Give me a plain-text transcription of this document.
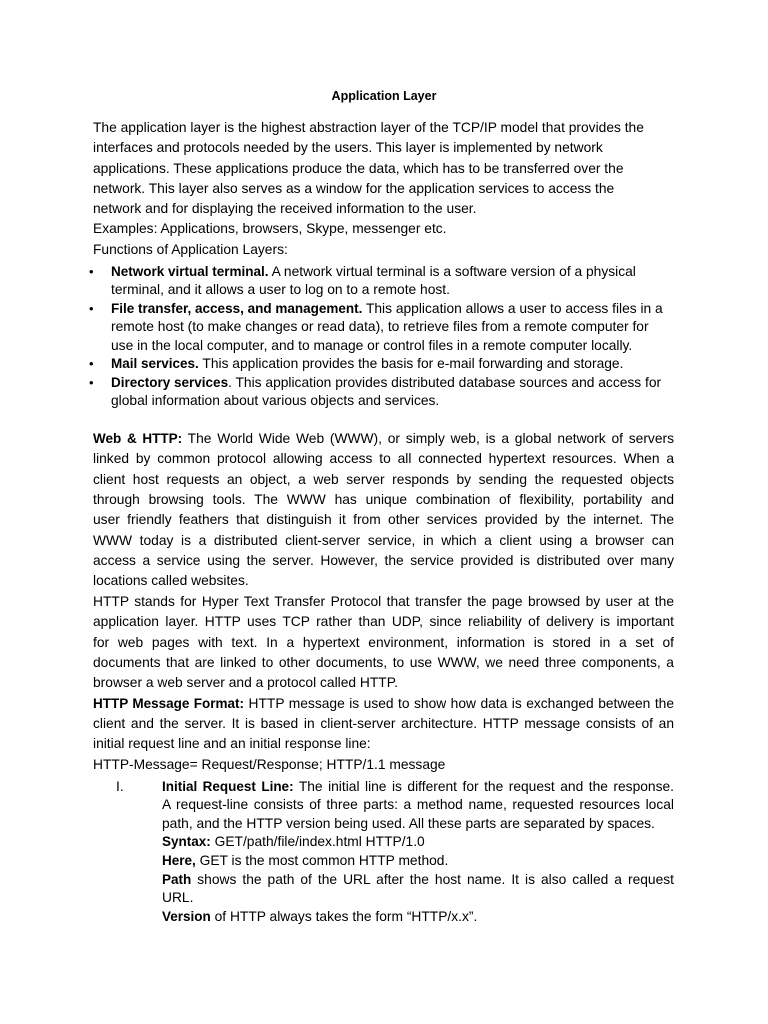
Application Layer
The application layer is the highest abstraction layer of the TCP/IP model that provides the
interfaces and protocols needed by the users. This layer is implemented by network
applications. These applications produce the data, which has to be transferred over the
network. This layer also serves as a window for the application services to access the
network and for displaying the received information to the user.
Examples: Applications, browsers, Skype, messenger etc.
Functions of Application Layers:
• Network virtual terminal. A network virtual terminal is a software version of a physical
terminal, and it allows a user to log on to a remote host.
• File transfer, access, and management. This application allows a user to access files in a
remote host (to make changes or read data), to retrieve files from a remote computer for
use in the local computer, and to manage or control files in a remote computer locally.
• Mail services. This application provides the basis for e-mail forwarding and storage.
• Directory services. This application provides distributed database sources and access for
global information about various objects and services.
Web & HTTP: The World Wide Web (WWW), or simply web, is a global network of servers
linked by common protocol allowing access to all connected hypertext resources. When a
client host requests an object, a web server responds by sending the requested objects
through browsing tools. The WWW has unique combination of flexibility, portability and
user friendly feathers that distinguish it from other services provided by the internet. The
WWW today is a distributed client-server service, in which a client using a browser can
access a service using the server. However, the service provided is distributed over many
locations called websites.
HTTP stands for Hyper Text Transfer Protocol that transfer the page browsed by user at the
application layer. HTTP uses TCP rather than UDP, since reliability of delivery is important
for web pages with text. In a hypertext environment, information is stored in a set of
documents that are linked to other documents, to use WWW, we need three components, a
browser a web server and a protocol called HTTP.
HTTP Message Format: HTTP message is used to show how data is exchanged between the
client and the server. It is based in client-server architecture. HTTP message consists of an
initial request line and an initial response line:
HTTP-Message= Request/Response; HTTP/1.1 message
I.	Initial Request Line: The initial line is different for the request and the response.
A request-line consists of three parts: a method name, requested resources local
path, and the HTTP version being used. All these parts are separated by spaces.
Syntax: GET/path/file/index.html HTTP/1.0
Here, GET is the most common HTTP method.
Path shows the path of the URL after the host name. It is also called a request
URL.
Version of HTTP always takes the form “HTTP/x.x”.
